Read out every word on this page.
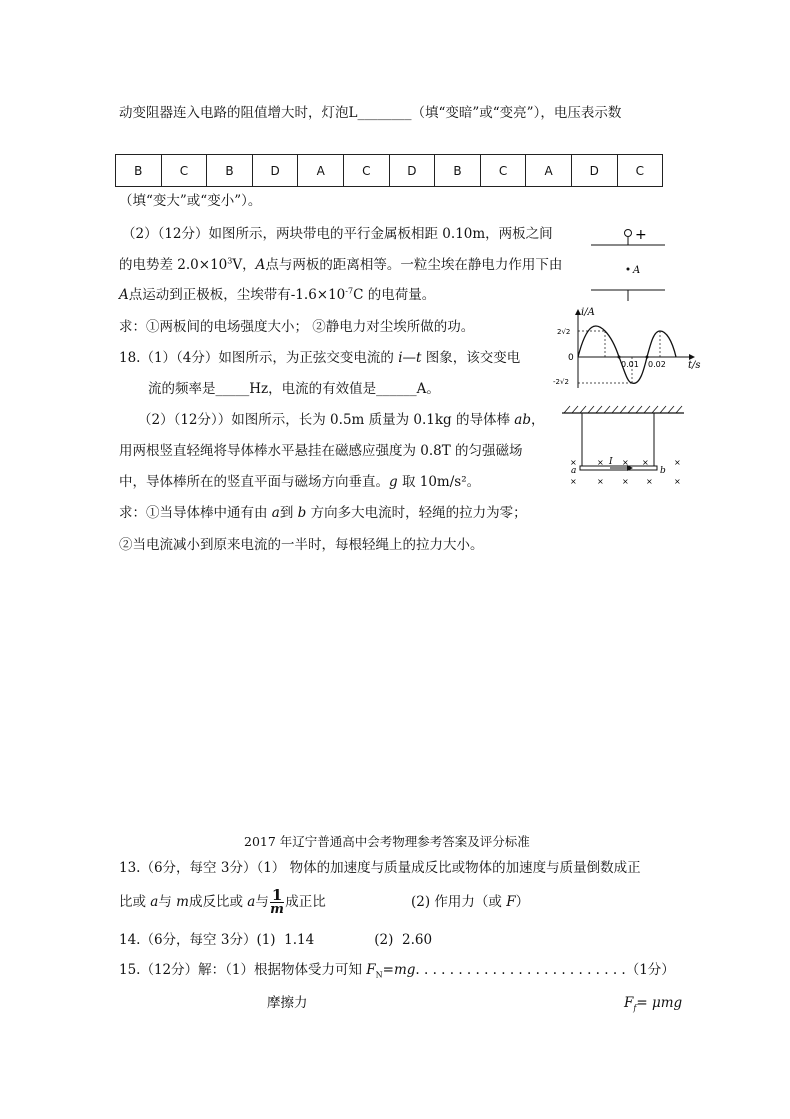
动变阻器连入电路的阻值增大时，灯泡L________（填“变暗”或“变亮”），电压表示数
B	C	B	D	A	C	D	B	C	A	D	C
（填“变大”或“变小”）。
（2）（12分）如图所示，两块带电的平行金属板相距 0.10m，两板之间
的电势差 $2.0\times 10^3V$，A点与两板的距离相等。一粒尘埃在静电力作用下由
A点运动到正极板，尘埃带有$-1.6\times 10^{-7}C$ 的电荷量。
求：①两板间的电场强度大小； ②静电力对尘埃所做的功。
18.（1）（4分）如图所示，为正弦交变电流的 i—t 图象，该交变电
流的频率是_____Hz，电流的有效值是______A。
（2）（12分））如图所示，长为 0.5m 质量为 0.1kg 的导体棒 ab，
用两根竖直轻绳将导体棒水平悬挂在磁感应强度为 0.8T 的匀强磁场
中，导体棒所在的竖直平面与磁场方向垂直。g 取 10m/s²。
求：①当导体棒中通有由 a到 b 方向多大电流时，轻绳的拉力为零；
②当电流减小到原来电流的一半时，每根轻绳上的拉力大小。
2017 年辽宁普通高中会考物理参考答案及评分标准
13.（6分，每空 3分）（1） 物体的加速度与质量成反比或物体的加速度与质量倒数成正
比或 a与 m成反比或 a与 $\frac{1}{m}$ 成正比	(2) 作用力（或 F）
14.（6分，每空 3分）(1)  1.14              (2)  2.60
15.（12分）解：（1）根据物体受力可知 $F_N=mg$. . . . . . . . . . . . . . . . . . . . . . . . .（1分）
摩擦力	$F_f= \mu mg$
+
A
i/A
t/s
0
2√2
-2√2
0.01 0.02
I
a	b
×	× × ×	×
×	× × ×	×
